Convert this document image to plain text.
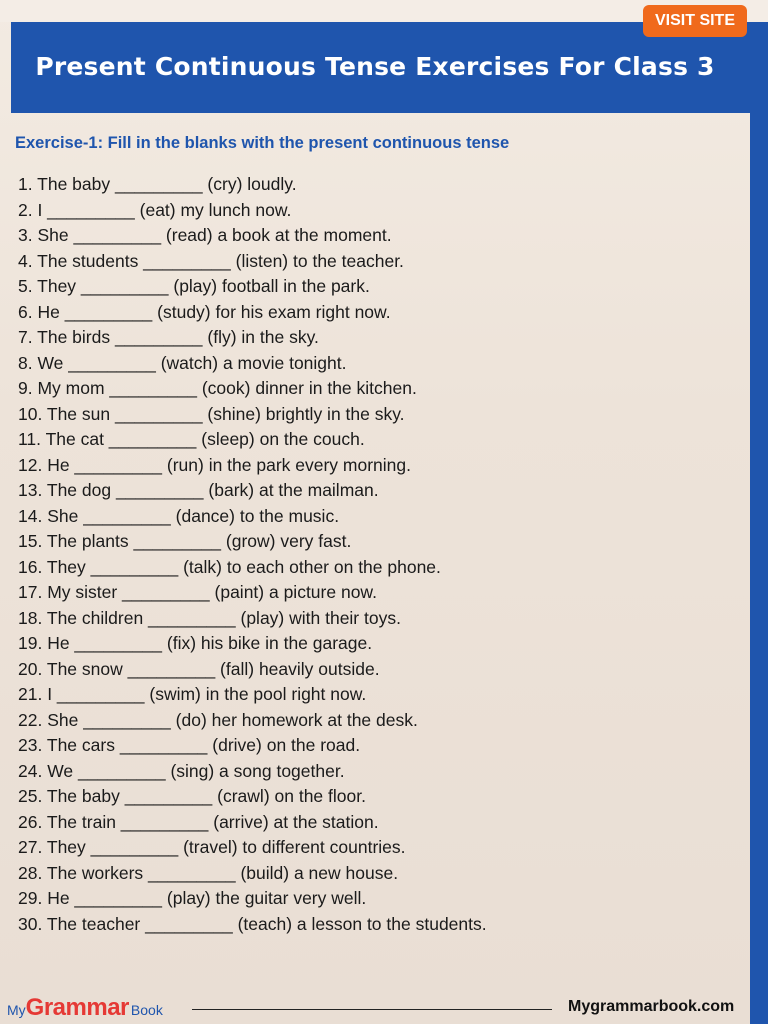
Present Continuous Tense Exercises For Class 3
VISIT SITE
Exercise-1: Fill in the blanks with the present continuous tense
1. The baby _________ (cry) loudly.
2. I _________ (eat) my lunch now.
3. She _________ (read) a book at the moment.
4. The students _________ (listen) to the teacher.
5. They _________ (play) football in the park.
6. He _________ (study) for his exam right now.
7. The birds _________ (fly) in the sky.
8. We _________ (watch) a movie tonight.
9. My mom _________ (cook) dinner in the kitchen.
10. The sun _________ (shine) brightly in the sky.
11. The cat _________ (sleep) on the couch.
12. He _________ (run) in the park every morning.
13. The dog _________ (bark) at the mailman.
14. She _________ (dance) to the music.
15. The plants _________ (grow) very fast.
16. They _________ (talk) to each other on the phone.
17. My sister _________ (paint) a picture now.
18. The children _________ (play) with their toys.
19. He _________ (fix) his bike in the garage.
20. The snow _________ (fall) heavily outside.
21. I _________ (swim) in the pool right now.
22. She _________ (do) her homework at the desk.
23. The cars _________ (drive) on the road.
24. We _________ (sing) a song together.
25. The baby _________ (crawl) on the floor.
26. The train _________ (arrive) at the station.
27. They _________ (travel) to different countries.
28. The workers _________ (build) a new house.
29. He _________ (play) the guitar very well.
30. The teacher _________ (teach) a lesson to the students.
My Grammar Book	Mygrammarbook.com
